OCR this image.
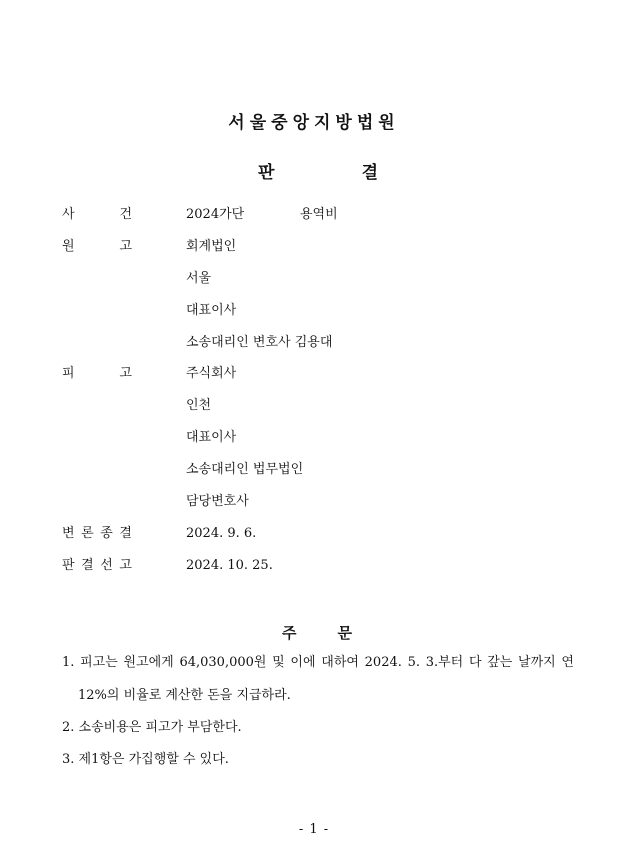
서울중앙지방법원
판	결
사	건	2024가단	용역비
원	고	회계법인
서울
대표이사
소송대리인 변호사 김용대
피	고	주식회사
인천
대표이사
소송대리인 법무법인
담당변호사
변 론 종 결	2024. 9. 6.
판 결 선 고	2024. 10. 25.
주	문
1. 피고는 원고에게 64,030,000원 및 이에 대하여 2024. 5. 3.부터 다 갚는 날까지 연
12%의 비율로 계산한 돈을 지급하라.
2. 소송비용은 피고가 부담한다.
3. 제1항은 가집행할 수 있다.
- 1 -
